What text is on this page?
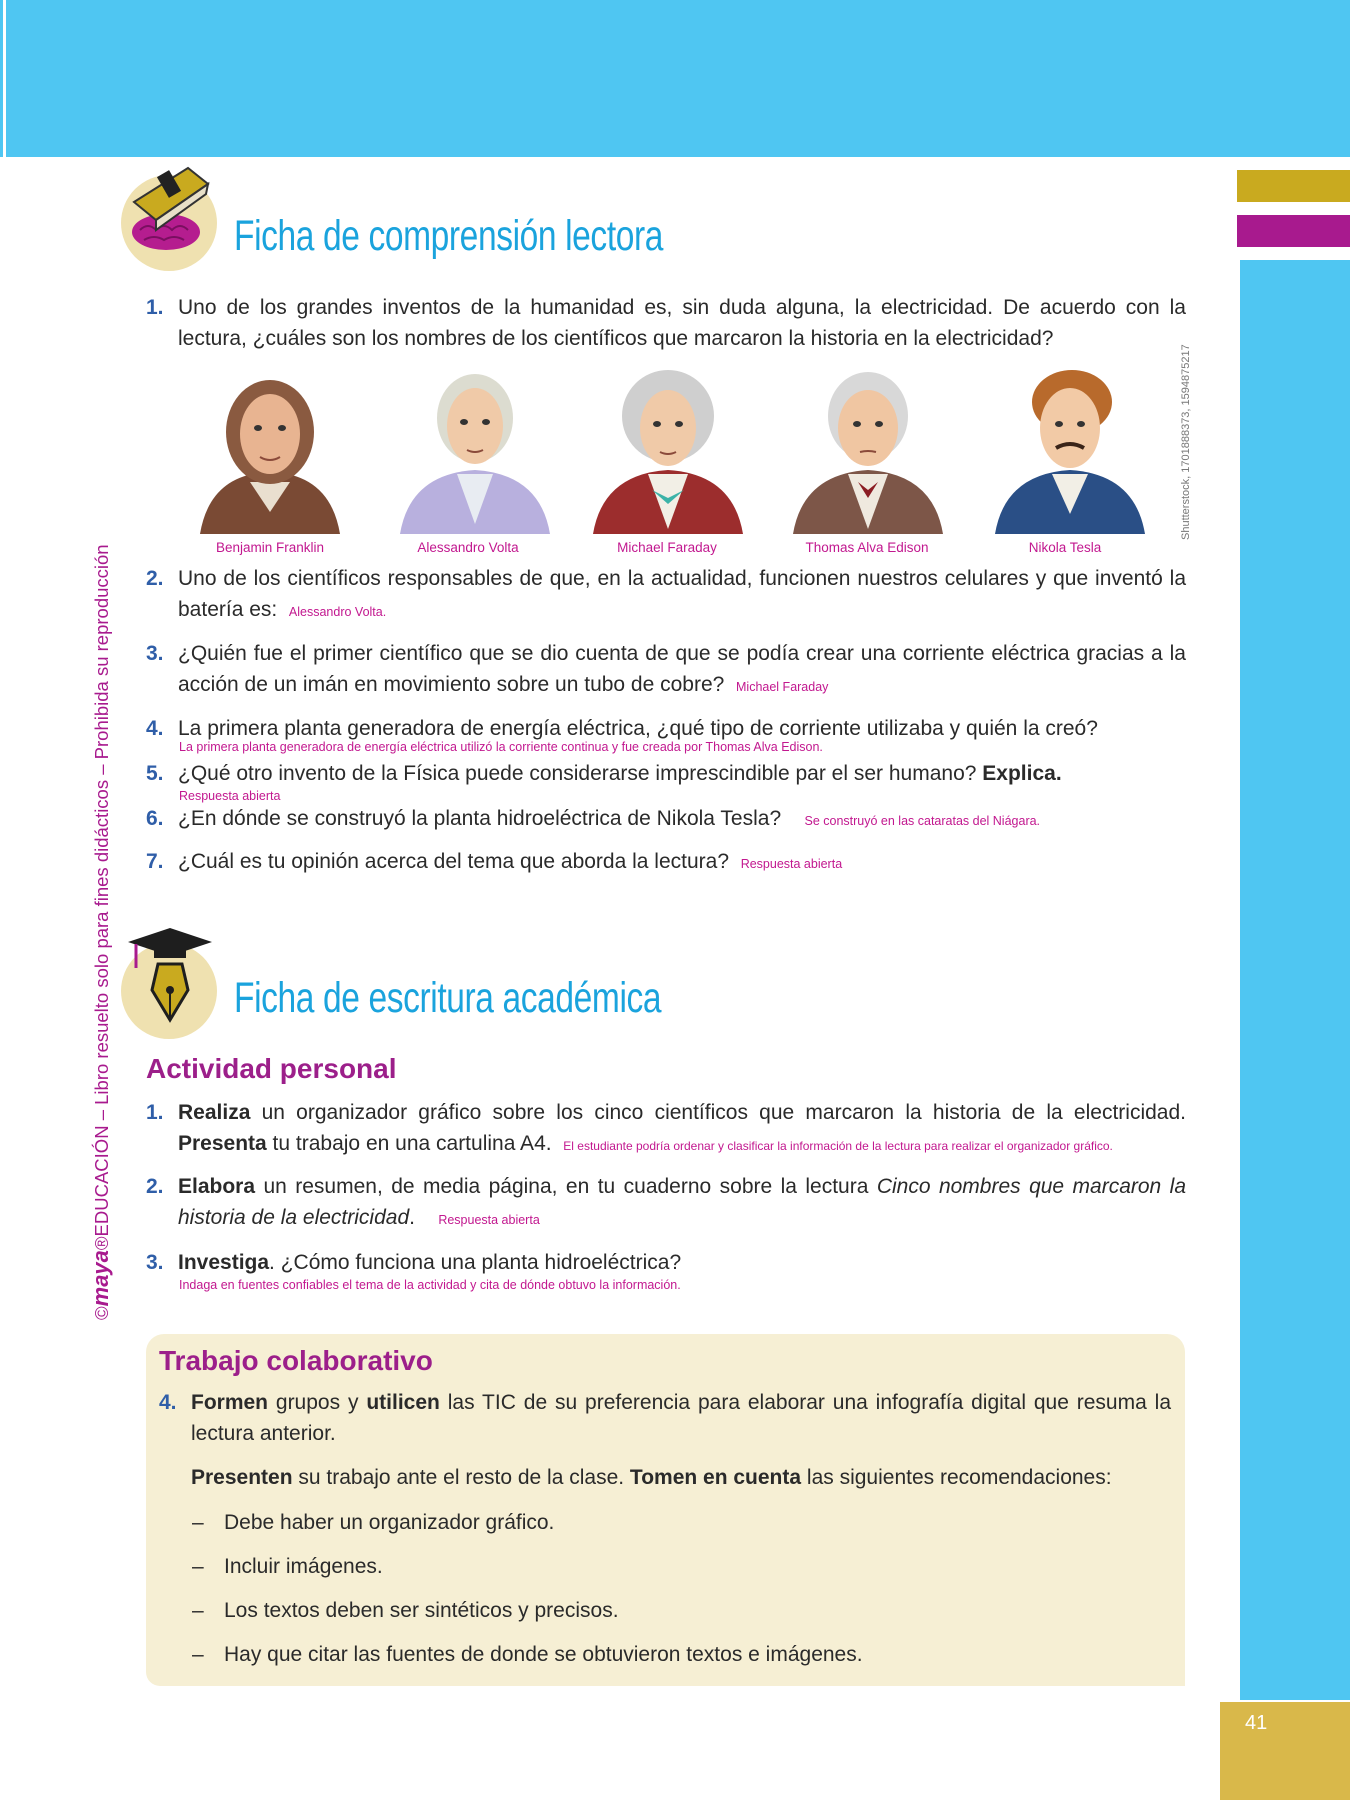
41
©maya®EDUCACIÓN – Libro resuelto solo para fines didácticos – Prohibida su reproducción
Shutterstock, 1701888373, 1594875217
Ficha de comprensión lectora
1. Uno de los grandes inventos de la humanidad es, sin duda alguna, la electricidad. De acuerdo con la lectura, ¿cuáles son los nombres de los científicos que marcaron la historia en la electricidad?
Benjamin Franklin	Alessandro Volta	Michael Faraday	Thomas Alva Edison	Nikola Tesla
2. Uno de los científicos responsables de que, en la actualidad, funcionen nuestros celulares y que inventó la batería es: Alessandro Volta.
3. ¿Quién fue el primer científico que se dio cuenta de que se podía crear una corriente eléctrica gracias a la acción de un imán en movimiento sobre un tubo de cobre? Michael Faraday
4. La primera planta generadora de energía eléctrica, ¿qué tipo de corriente utilizaba y quién la creó?
La primera planta generadora de energía eléctrica utilizó la corriente continua y fue creada por Thomas Alva Edison.
5. ¿Qué otro invento de la Física puede considerarse imprescindible par el ser humano? Explica.
Respuesta abierta
6. ¿En dónde se construyó la planta hidroeléctrica de Nikola Tesla? Se construyó en las cataratas del Niágara.
7. ¿Cuál es tu opinión acerca del tema que aborda la lectura? Respuesta abierta
Ficha de escritura académica
Actividad personal
1. Realiza un organizador gráfico sobre los cinco científicos que marcaron la historia de la electricidad. Presenta tu trabajo en una cartulina A4. El estudiante podría ordenar y clasificar la información de la lectura para realizar el organizador gráfico.
2. Elabora un resumen, de media página, en tu cuaderno sobre la lectura Cinco nombres que marcaron la historia de la electricidad. Respuesta abierta
3. Investiga. ¿Cómo funciona una planta hidroeléctrica?
Indaga en fuentes confiables el tema de la actividad y cita de dónde obtuvo la información.
Trabajo colaborativo
4. Formen grupos y utilicen las TIC de su preferencia para elaborar una infografía digital que resuma la lectura anterior.
Presenten su trabajo ante el resto de la clase. Tomen en cuenta las siguientes recomendaciones:
– Debe haber un organizador gráfico.
– Incluir imágenes.
– Los textos deben ser sintéticos y precisos.
– Hay que citar las fuentes de donde se obtuvieron textos e imágenes.
